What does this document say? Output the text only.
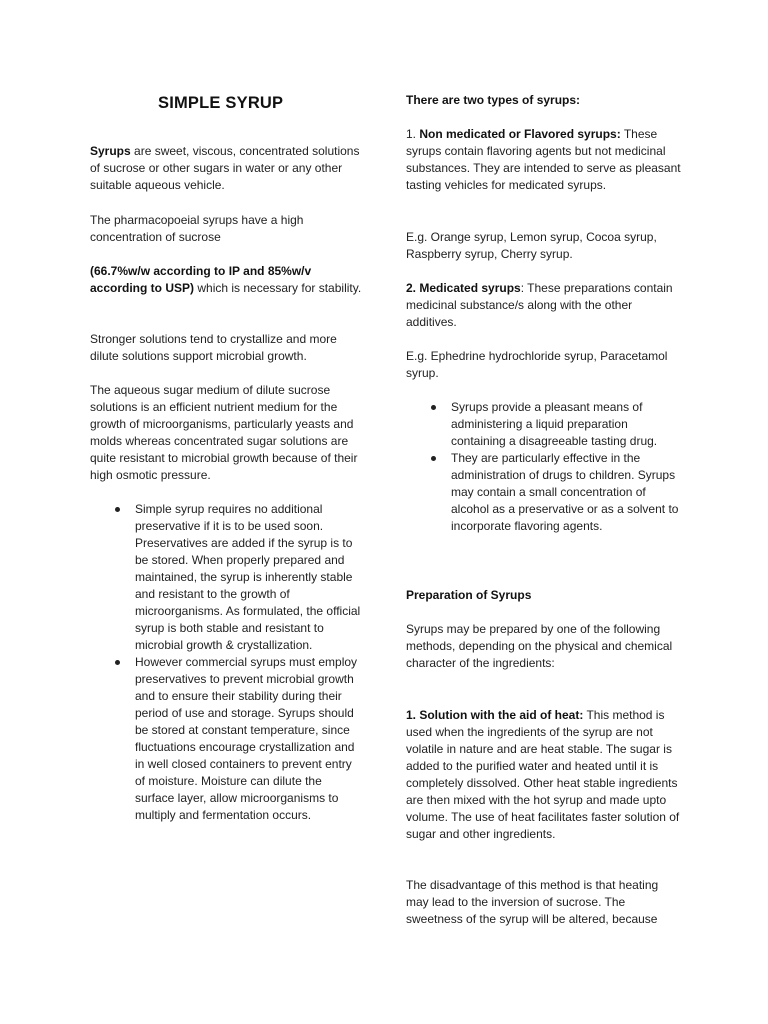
SIMPLE SYRUP

Syrups are sweet, viscous, concentrated solutions of sucrose or other sugars in water or any other suitable aqueous vehicle.

The pharmacopoeial syrups have a high concentration of sucrose

(66.7%w/w according to IP and 85%w/v according to USP) which is necessary for stability.

Stronger solutions tend to crystallize and more dilute solutions support microbial growth.

The aqueous sugar medium of dilute sucrose solutions is an efficient nutrient medium for the growth of microorganisms, particularly yeasts and molds whereas concentrated sugar solutions are quite resistant to microbial growth because of their high osmotic pressure.

Simple syrup requires no additional preservative if it is to be used soon. Preservatives are added if the syrup is to be stored. When properly prepared and maintained, the syrup is inherently stable and resistant to the growth of microorganisms. As formulated, the official syrup is both stable and resistant to microbial growth & crystallization.
However commercial syrups must employ preservatives to prevent microbial growth and to ensure their stability during their period of use and storage. Syrups should be stored at constant temperature, since fluctuations encourage crystallization and in well closed containers to prevent entry of moisture. Moisture can dilute the surface layer, allow microorganisms to multiply and fermentation occurs.

There are two types of syrups:

1. Non medicated or Flavored syrups: These syrups contain flavoring agents but not medicinal substances. They are intended to serve as pleasant tasting vehicles for medicated syrups.

E.g. Orange syrup, Lemon syrup, Cocoa syrup, Raspberry syrup, Cherry syrup.

2. Medicated syrups: These preparations contain medicinal substance/s along with the other additives.

E.g. Ephedrine hydrochloride syrup, Paracetamol syrup.

Syrups provide a pleasant means of administering a liquid preparation containing a disagreeable tasting drug.
They are particularly effective in the administration of drugs to children. Syrups may contain a small concentration of alcohol as a preservative or as a solvent to incorporate flavoring agents.

Preparation of Syrups

Syrups may be prepared by one of the following methods, depending on the physical and chemical character of the ingredients:

1. Solution with the aid of heat: This method is used when the ingredients of the syrup are not volatile in nature and are heat stable. The sugar is added to the purified water and heated until it is completely dissolved. Other heat stable ingredients are then mixed with the hot syrup and made upto volume. The use of heat facilitates faster solution of sugar and other ingredients.

The disadvantage of this method is that heating may lead to the inversion of sucrose. The sweetness of the syrup will be altered, because
